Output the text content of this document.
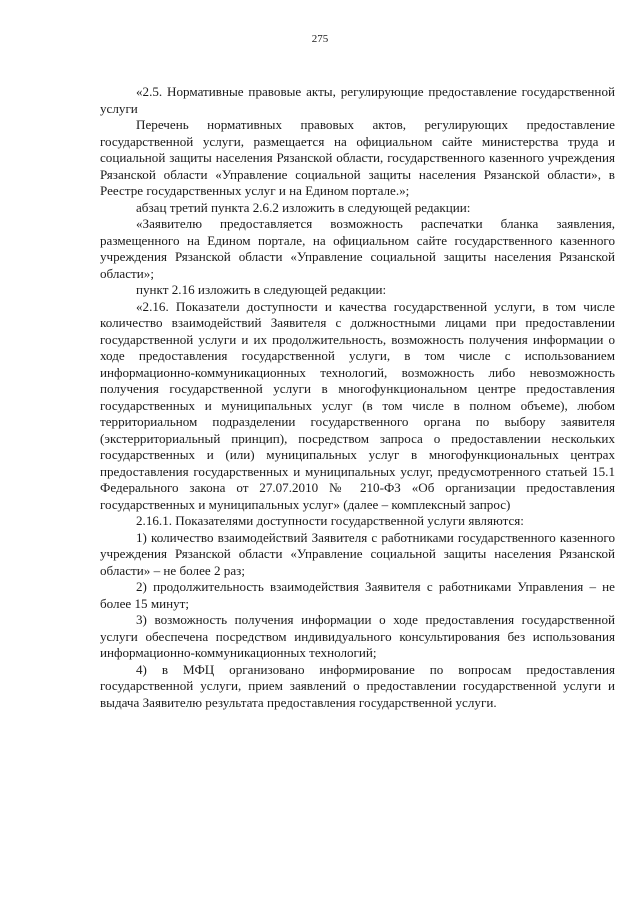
275

«2.5. Нормативные правовые акты, регулирующие предоставление государственной услуги

Перечень нормативных правовых актов, регулирующих предоставление государственной услуги, размещается на официальном сайте министерства труда и социальной защиты населения Рязанской области, государственного казенного учреждения Рязанской области «Управление социальной защиты населения Рязанской области», в Реестре государственных услуг и на Едином портале.»;

абзац третий пункта 2.6.2 изложить в следующей редакции:

«Заявителю предоставляется возможность распечатки бланка заявления, размещенного на Едином портале, на официальном сайте государственного казенного учреждения Рязанской области «Управление социальной защиты населения Рязанской области»;

пункт 2.16 изложить в следующей редакции:

«2.16. Показатели доступности и качества государственной услуги, в том числе количество взаимодействий Заявителя с должностными лицами при предоставлении государственной услуги и их продолжительность, возможность получения информации о ходе предоставления государственной услуги, в том числе с использованием информационно-коммуникационных технологий, возможность либо невозможность получения государственной услуги в многофункциональном центре предоставления государственных и муниципальных услуг (в том числе в полном объеме), любом территориальном подразделении государственного органа по выбору заявителя (экстерриториальный принцип), посредством запроса о предоставлении нескольких государственных и (или) муниципальных услуг в многофункциональных центрах предоставления государственных и муниципальных услуг, предусмотренного статьей 15.1 Федерального закона от 27.07.2010 № 210-ФЗ «Об организации предоставления государственных и муниципальных услуг» (далее – комплексный запрос)

2.16.1. Показателями доступности государственной услуги являются:

1) количество взаимодействий Заявителя с работниками государственного казенного учреждения Рязанской области «Управление социальной защиты населения Рязанской области» – не более 2 раз;

2) продолжительность взаимодействия Заявителя с работниками Управления – не более 15 минут;

3) возможность получения информации о ходе предоставления государственной услуги обеспечена посредством индивидуального консультирования без использования информационно-коммуникационных технологий;

4) в МФЦ организовано информирование по вопросам предоставления государственной услуги, прием заявлений о предоставлении государственной услуги и выдача Заявителю результата предоставления государственной услуги.
